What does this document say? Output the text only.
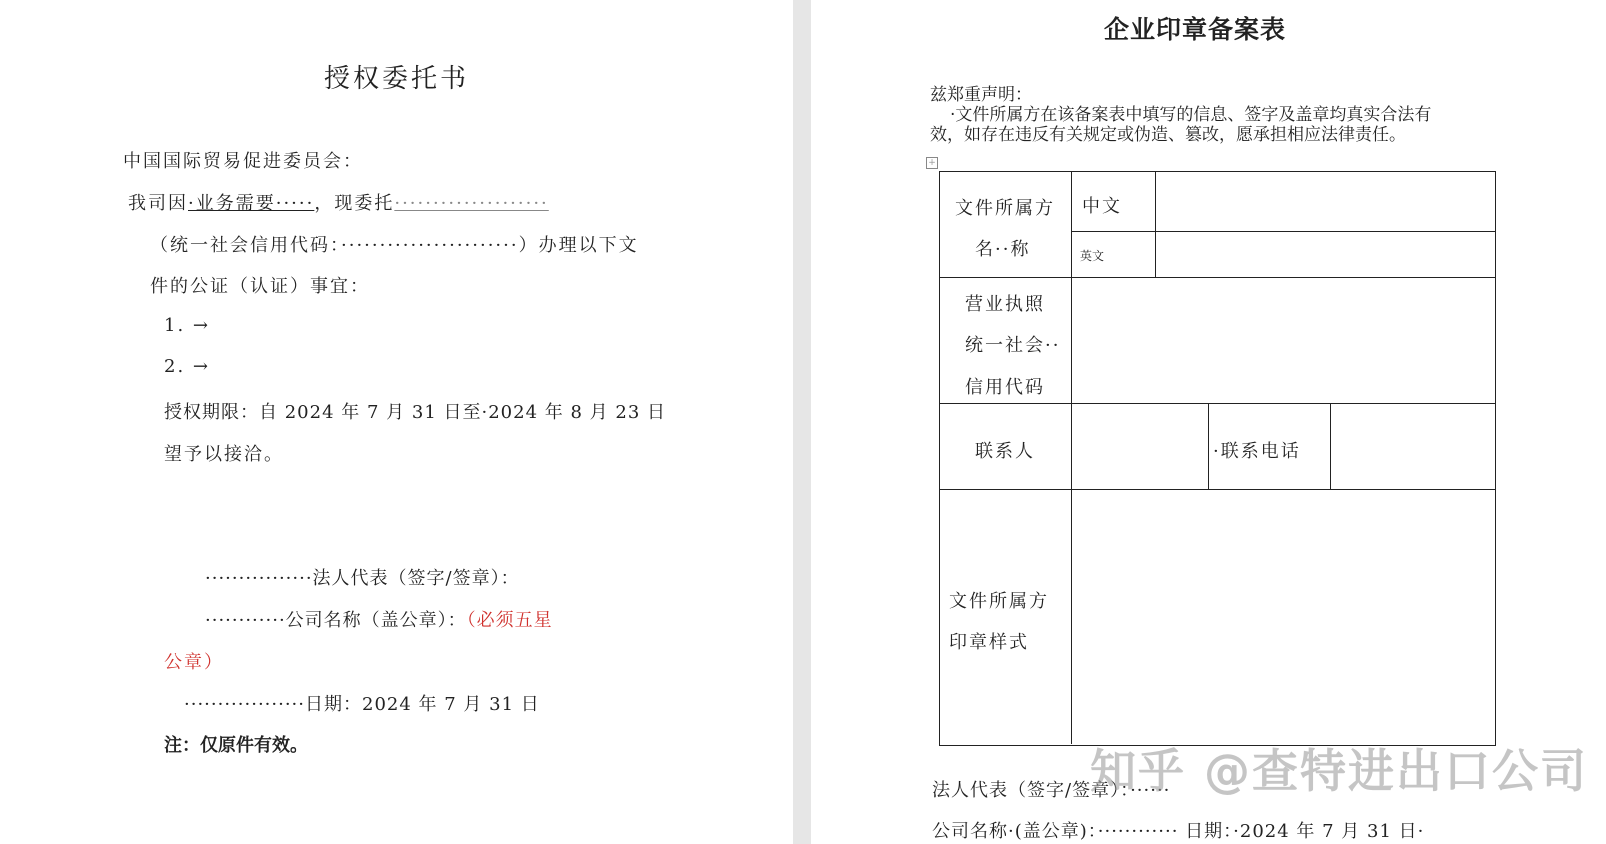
授权委托书
中国国际贸易促进委员会：
我司因·业务需要·····，现委托····················
（统一社会信用代码：·······················）办理以下文
件的公证（认证）事宜：
1. →
2. →
授权期限：自 2024 年 7 月 31 日至·2024 年 8 月 23 日
望予以接洽。
················法人代表（签字/签章）：
············公司名称（盖公章）：（必须五星
公章）
··················日期：2024 年 7 月 31 日
注：仅原件有效。
企业印章备案表
兹郑重声明：
·文件所属方在该备案表中填写的信息、签字及盖章均真实合法有
效，如存在违反有关规定或伪造、篡改，愿承担相应法律责任。
+
文件所属方
名··称
中文
英文
营业执照
统一社会··
信用代码
联系人	·联系电话
文件所属方
印章样式
法人代表（签字/签章）：······
公司名称·(盖公章)：············ 日期：·2024 年 7 月 31 日·
知乎 @查特进出口公司
